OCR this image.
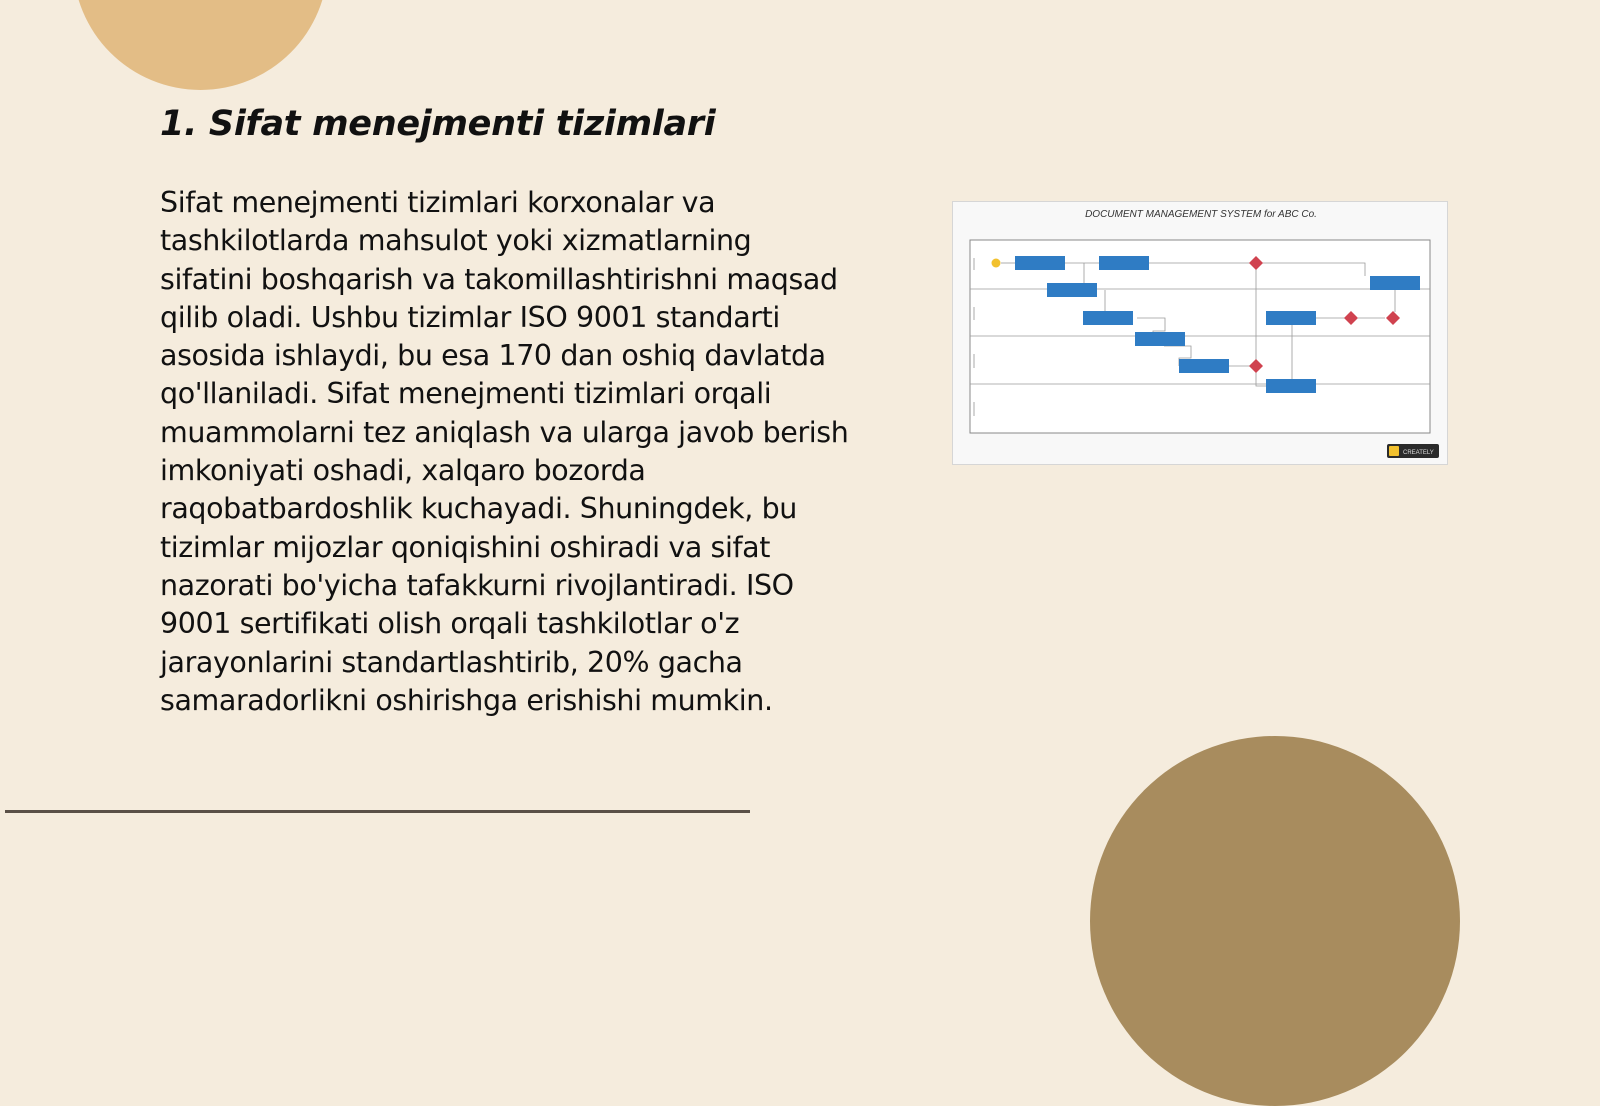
1. Sifat menejmenti tizimlari

Sifat menejmenti tizimlari korxonalar va tashkilotlarda mahsulot yoki xizmatlarning sifatini boshqarish va takomillashtirishni maqsad qilib oladi. Ushbu tizimlar ISO 9001 standarti asosida ishlaydi, bu esa 170 dan oshiq davlatda qo'llaniladi. Sifat menejmenti tizimlari orqali muammolarni tez aniqlash va ularga javob berish imkoniyati oshadi, xalqaro bozorda raqobatbardoshlik kuchayadi. Shuningdek, bu tizimlar mijozlar qoniqishini oshiradi va sifat nazorati bo'yicha tafakkurni rivojlantiradi. ISO 9001 sertifikati olish orqali tashkilotlar o'z jarayonlarini standartlashtirib, 20% gacha samaradorlikni oshirishga erishishi mumkin.

DOCUMENT MANAGEMENT SYSTEM for ABC Co.
CREATELY
